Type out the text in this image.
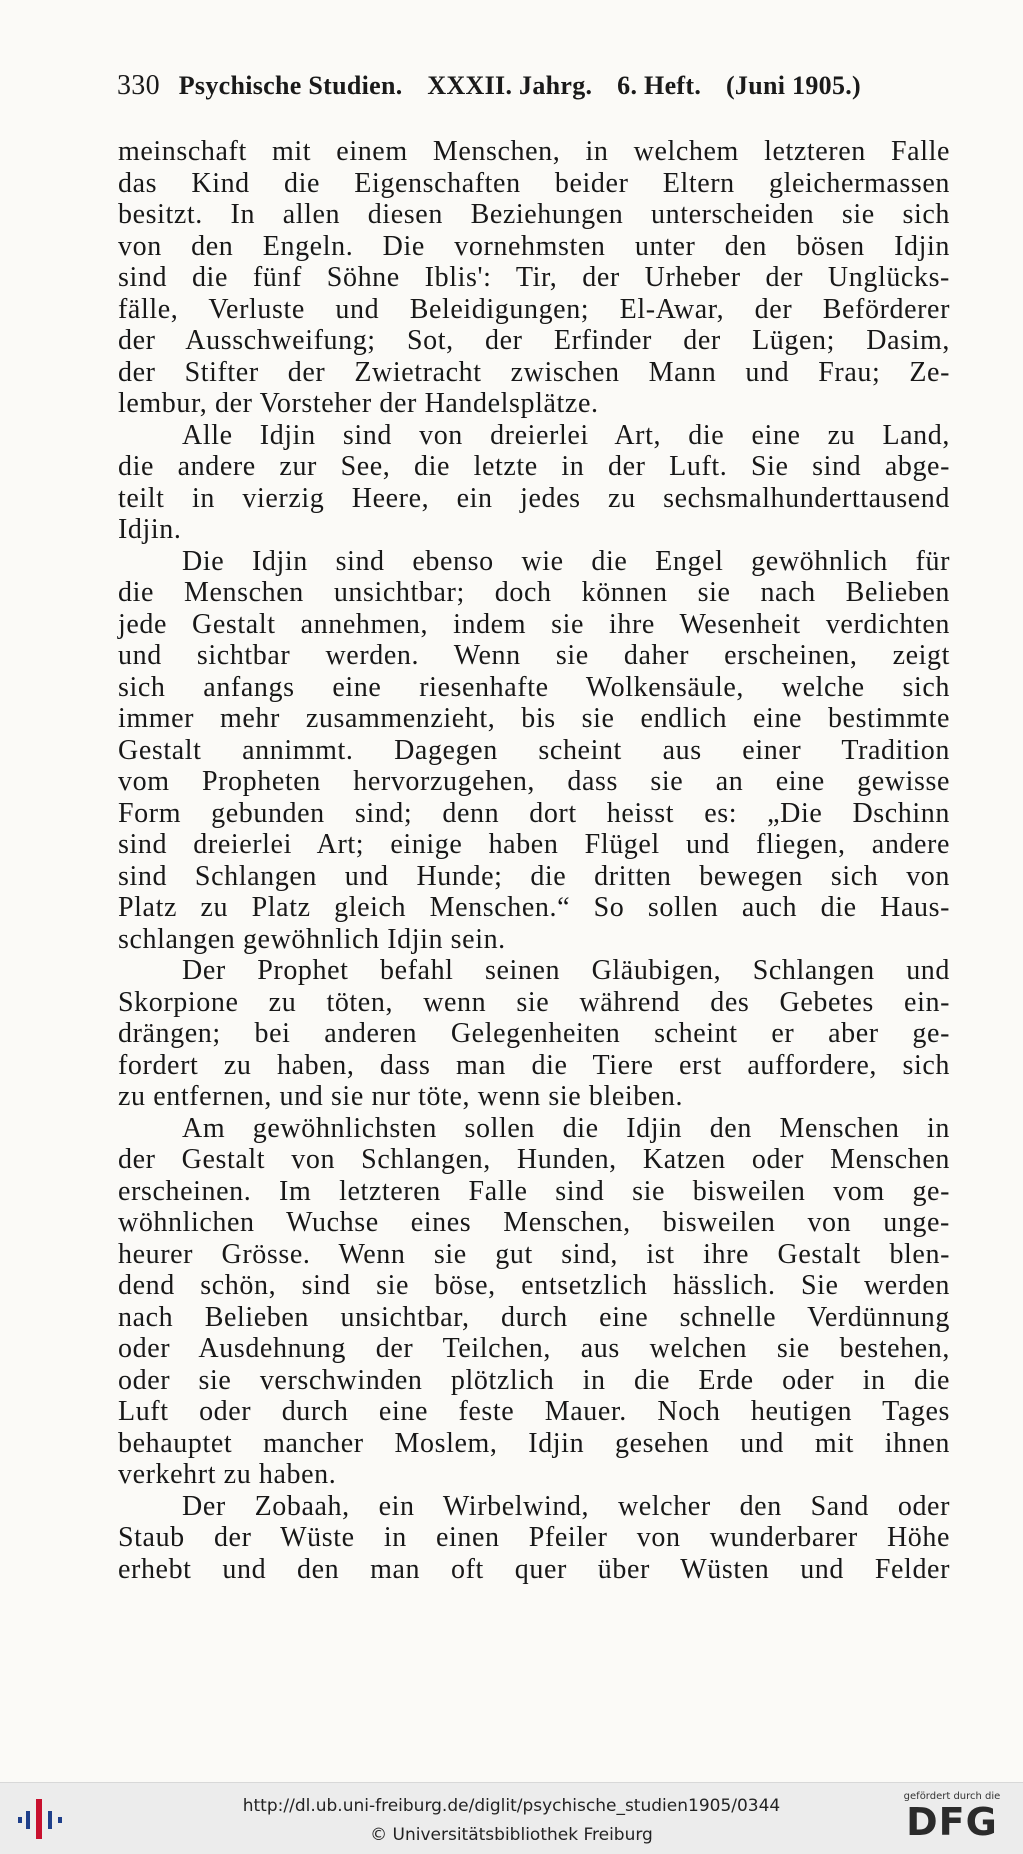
330 Psychische Studien. XXXII. Jahrg. 6. Heft. (Juni 1905.)
meinschaft mit einem Menschen, in welchem letzteren Falle
das Kind die Eigenschaften beider Eltern gleichermassen
besitzt. In allen diesen Beziehungen unterscheiden sie sich
von den Engeln. Die vornehmsten unter den bösen Idjin
sind die fünf Söhne Iblis': Tir, der Urheber der Unglücks-
fälle, Verluste und Beleidigungen; El-Awar, der Beförderer
der Ausschweifung; Sot, der Erfinder der Lügen; Dasim,
der Stifter der Zwietracht zwischen Mann und Frau; Ze-
lembur, der Vorsteher der Handelsplätze.
Alle Idjin sind von dreierlei Art, die eine zu Land,
die andere zur See, die letzte in der Luft. Sie sind abge-
teilt in vierzig Heere, ein jedes zu sechsmalhunderttausend
Idjin.
Die Idjin sind ebenso wie die Engel gewöhnlich für
die Menschen unsichtbar; doch können sie nach Belieben
jede Gestalt annehmen, indem sie ihre Wesenheit verdichten
und sichtbar werden. Wenn sie daher erscheinen, zeigt
sich anfangs eine riesenhafte Wolkensäule, welche sich
immer mehr zusammenzieht, bis sie endlich eine bestimmte
Gestalt annimmt. Dagegen scheint aus einer Tradition
vom Propheten hervorzugehen, dass sie an eine gewisse
Form gebunden sind; denn dort heisst es: „Die Dschinn
sind dreierlei Art; einige haben Flügel und fliegen, andere
sind Schlangen und Hunde; die dritten bewegen sich von
Platz zu Platz gleich Menschen.“ So sollen auch die Haus-
schlangen gewöhnlich Idjin sein.
Der Prophet befahl seinen Gläubigen, Schlangen und
Skorpione zu töten, wenn sie während des Gebetes ein-
drängen; bei anderen Gelegenheiten scheint er aber ge-
fordert zu haben, dass man die Tiere erst auffordere, sich
zu entfernen, und sie nur töte, wenn sie bleiben.
Am gewöhnlichsten sollen die Idjin den Menschen in
der Gestalt von Schlangen, Hunden, Katzen oder Menschen
erscheinen. Im letzteren Falle sind sie bisweilen vom ge-
wöhnlichen Wuchse eines Menschen, bisweilen von unge-
heurer Grösse. Wenn sie gut sind, ist ihre Gestalt blen-
dend schön, sind sie böse, entsetzlich hässlich. Sie werden
nach Belieben unsichtbar, durch eine schnelle Verdünnung
oder Ausdehnung der Teilchen, aus welchen sie bestehen,
oder sie verschwinden plötzlich in die Erde oder in die
Luft oder durch eine feste Mauer. Noch heutigen Tages
behauptet mancher Moslem, Idjin gesehen und mit ihnen
verkehrt zu haben.
Der Zobaah, ein Wirbelwind, welcher den Sand oder
Staub der Wüste in einen Pfeiler von wunderbarer Höhe
erhebt und den man oft quer über Wüsten und Felder
http://dl.ub.uni-freiburg.de/diglit/psychische_studien1905/0344
© Universitätsbibliothek Freiburg
gefördert durch die
DFG
